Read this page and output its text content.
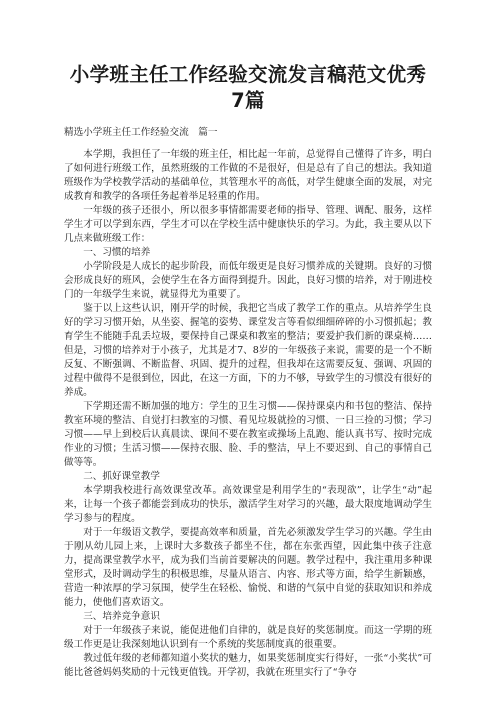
小学班主任工作经验交流发言稿范文优秀7篇
精选小学班主任工作经验交流　篇一

本学期，我担任了一年级的班主任，相比起一年前，总觉得自己懂得了许多，明白了如何进行班级工作，虽然班级的工作做的不是很好，但是总有了自己的想法。我知道班级作为学校教学活动的基础单位，其管理水平的高低，对学生健康全面的发展，对完成教育和教学的各项任务起着举足轻重的作用。

一年级的孩子还很小，所以很多事情都需要老师的指导、管理、调配、服务，这样学生才可以学到东西，学生才可以在学校生活中健康快乐的学习。为此，我主要从以下几点来做班级工作：

一、习惯的培养

小学阶段是人成长的起步阶段，而低年级更是良好习惯养成的关键期。良好的习惯会形成良好的班风，会使学生在各方面得到提升。因此，良好习惯的培养，对于刚进校门的一年级学生来说，就显得尤为重要了。

鉴于以上这些认识，刚开学的时候，我把它当成了教学工作的重点。从培养学生良好的学习习惯开始，从坐姿、握笔的姿势、课堂发言等看似细细碎碎的小习惯抓起；教育学生不能随手乱丢垃圾，要保持自己课桌和教室的整洁；要爱护我们新的课桌椅……但是，习惯的培养对于小孩子，尤其是才7、8岁的一年级孩子来说，需要的是一个不断反复、不断强调、不断监督、巩固、提升的过程，但我却在这需要反复、强调、巩固的过程中做得不是很到位，因此，在这一方面，下的力不够，导致学生的习惯没有很好的养成。

下学期还需不断加强的地方：学生的卫生习惯——保持课桌内和书包的整洁、保持教室环境的整洁、自觉打扫教室的习惯、看见垃圾就捡的习惯、一日三捡的习惯；学习习惯——早上到校后认真晨读、课间不要在教室或操场上乱跑、能认真书写、按时完成作业的习惯；生活习惯——保持衣服、脸、手的整洁，早上不要迟到、自己的事情自己做等等。

二、抓好课堂教学

本学期我校进行高效课堂改革。高效课堂是利用学生的“表现欲”，让学生“动”起来，让每一个孩子都能尝到成功的快乐，激活学生对学习的兴趣，最大限度地调动学生学习参与的程度。

对于一年级语文教学，要提高效率和质量，首先必须激发学生学习的兴趣。学生由于刚从幼儿园上来，上课时大多数孩子都坐不住，都在东张西望，因此集中孩子注意力，提高课堂教学水平，成为我们当前首要解决的问题。教学过程中，我注重用多种课堂形式，及时调动学生的积极思维，尽量从语言、内容、形式等方面，给学生新颖感，营造一种浓厚的学习氛围，使学生在轻松、愉悦、和谐的气氛中自觉的获取知识和养成能力，使他们喜欢语文。

三、培养竞争意识

对于一年级孩子来说，能促进他们自律的，就是良好的奖惩制度。而这一学期的班级工作更是让我深刻地认识到有一个系统的奖惩制度真的很重要。

教过低年级的老师都知道小奖状的魅力，如果奖惩制度实行得好，一张“小奖状”可能比爸爸妈妈奖励的十元钱更值钱。开学初，我就在班里实行了“争夺
